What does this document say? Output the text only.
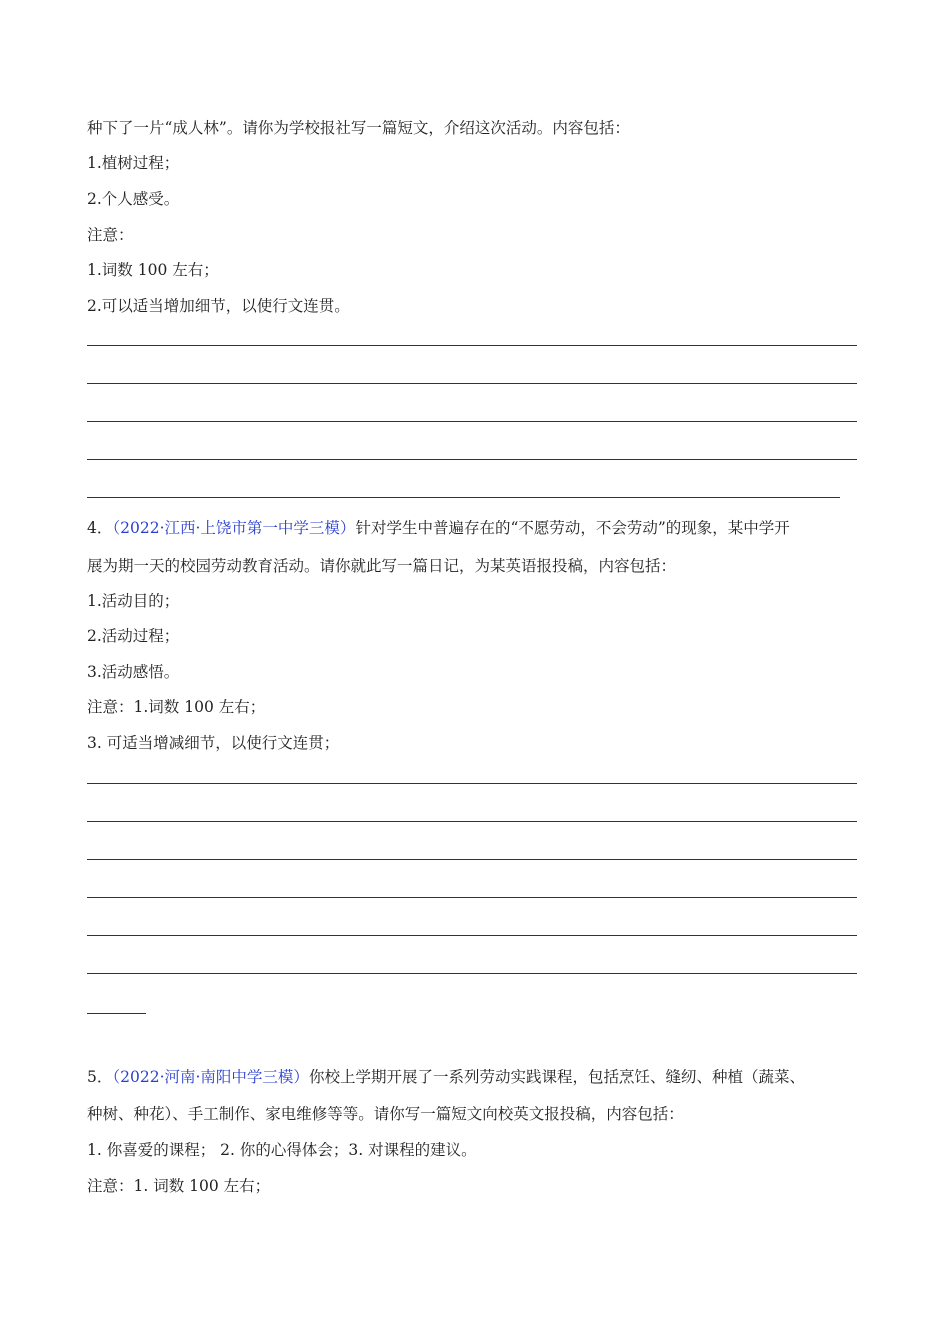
种下了一片“成人林”。请你为学校报社写一篇短文，介绍这次活动。内容包括：
1.植树过程；
2.个人感受。
注意：
1.词数 100 左右；
2.可以适当增加细节，以使行文连贯。
4．（2022·江西·上饶市第一中学三模）针对学生中普遍存在的“不愿劳动，不会劳动”的现象，某中学开
展为期一天的校园劳动教育活动。请你就此写一篇日记，为某英语报投稿，内容包括：
1.活动目的；
2.活动过程；
3.活动感悟。
注意：1.词数 100 左右；
3. 可适当增减细节，以使行文连贯；
5．（2022·河南·南阳中学三模）你校上学期开展了一系列劳动实践课程，包括烹饪、缝纫、种植（蔬菜、
种树、种花）、手工制作、家电维修等等。请你写一篇短文向校英文报投稿，内容包括：
1. 你喜爱的课程； 2. 你的心得体会；3. 对课程的建议。
注意：1. 词数 100 左右；
